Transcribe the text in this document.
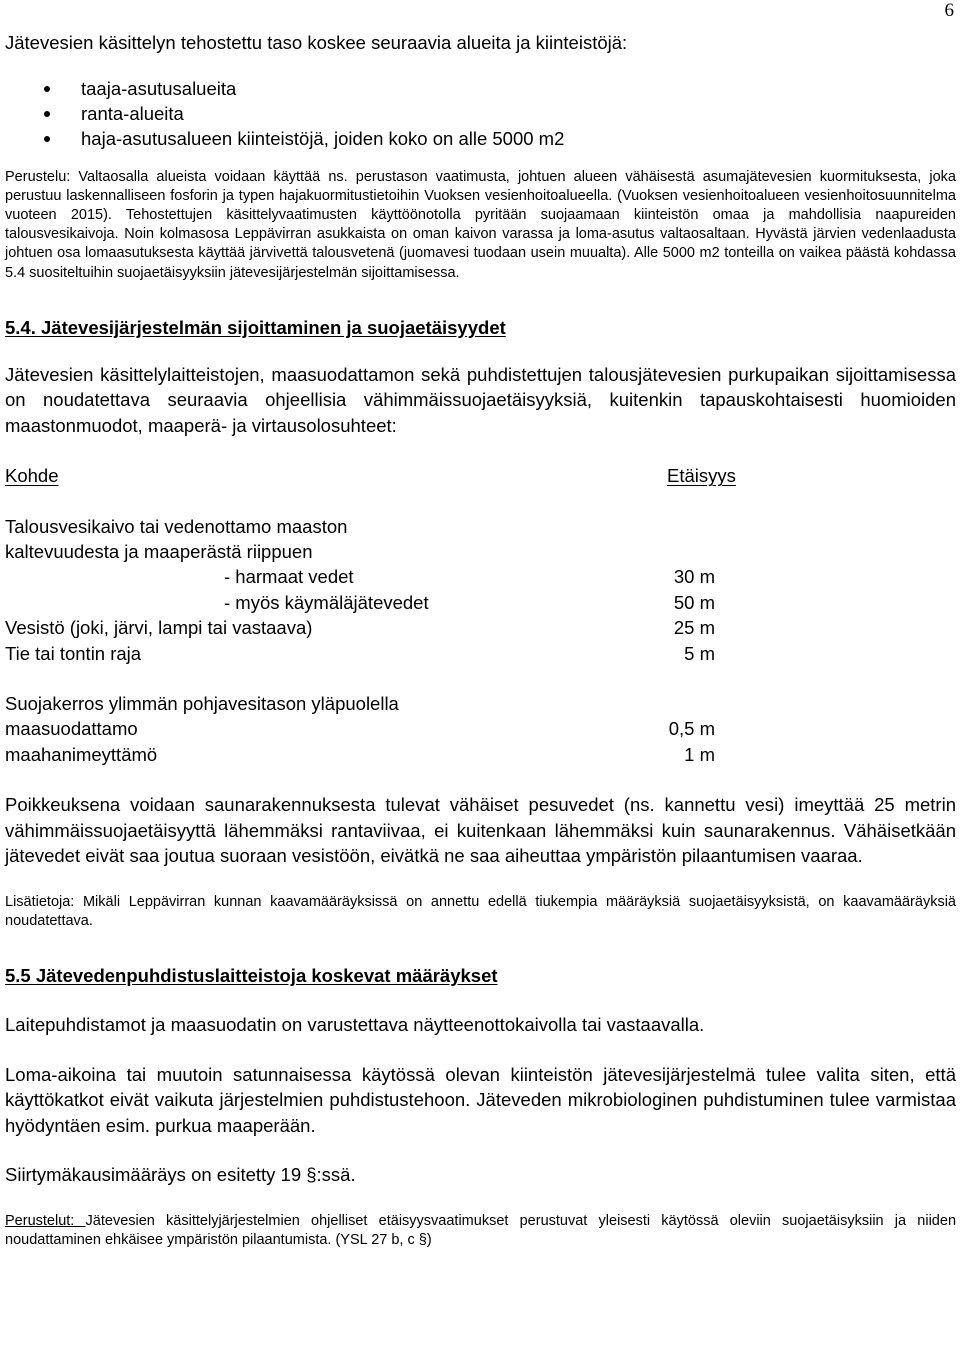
6

Jätevesien käsittelyn tehostettu taso koskee seuraavia alueita ja kiinteistöjä:

taaja-asutusalueita
ranta-alueita
haja-asutusalueen kiinteistöjä, joiden koko on alle 5000 m2

Perustelu: Valtaosalla alueista voidaan käyttää ns. perustason vaatimusta, johtuen alueen vähäisestä asumajätevesien kuormituksesta, joka perustuu laskennalliseen fosforin ja typen hajakuormitustietoihin Vuoksen vesienhoitoalueella. (Vuoksen vesienhoitoalueen vesienhoitosuunnitelma vuoteen 2015). Tehostettujen käsittelyvaatimusten käyttöönotolla pyritään suojaamaan kiinteistön omaa ja mahdollisia naapureiden talousvesikaivoja. Noin kolmasosa Leppävirran asukkaista on oman kaivon varassa ja loma-asutus valtaosaltaan. Hyvästä järvien vedenlaadusta johtuen osa lomaasutuksesta käyttää järvivettä talousvetenä (juomavesi tuodaan usein muualta). Alle 5000 m2 tonteilla on vaikea päästä kohdassa 5.4 suositeltuihin suojaetäisyyksiin jätevesijärjestelmän sijoittamisessa.

5.4. Jätevesijärjestelmän sijoittaminen ja suojaetäisyydet

Jätevesien käsittelylaitteistojen, maasuodattamon sekä puhdistettujen talousjätevesien purkupaikan sijoittamisessa on noudatettava seuraavia ohjeellisia vähimmäissuojaetäisyyksiä, kuitenkin tapauskohtaisesti huomioiden maastonmuodot, maaperä- ja virtausolosuhteet:

Kohde	Etäisyys
Talousvesikaivo tai vedenottamo maaston
kaltevuudesta ja maaperästä riippuen
- harmaat vedet	30 m
- myös käymäläjätevedet	50 m
Vesistö (joki, järvi, lampi tai vastaava)	25 m
Tie tai tontin raja	5 m
Suojakerros ylimmän pohjavesitason yläpuolella
maasuodattamo	0,5 m
maahanimeyttämö	1 m

Poikkeuksena voidaan saunarakennuksesta tulevat vähäiset pesuvedet (ns. kannettu vesi) imeyttää 25 metrin vähimmäissuojaetäisyyttä lähemmäksi rantaviivaa, ei kuitenkaan lähemmäksi kuin saunarakennus. Vähäisetkään jätevedet eivät saa joutua suoraan vesistöön, eivätkä ne saa aiheuttaa ympäristön pilaantumisen vaaraa.

Lisätietoja: Mikäli Leppävirran kunnan kaavamääräyksissä on annettu edellä tiukempia määräyksiä suojaetäisyyksistä, on kaavamääräyksiä noudatettava.

5.5 Jätevedenpuhdistuslaitteistoja koskevat määräykset

Laitepuhdistamot ja maasuodatin on varustettava näytteenottokaivolla tai vastaavalla.

Loma-aikoina tai muutoin satunnaisessa käytössä olevan kiinteistön jätevesijärjestelmä tulee valita siten, että käyttökatkot eivät vaikuta järjestelmien puhdistustehoon. Jäteveden mikrobiologinen puhdistuminen tulee varmistaa hyödyntäen esim. purkua maaperään.

Siirtymäkausimääräys on esitetty 19 §:ssä.

Perustelut: Jätevesien käsittelyjärjestelmien ohjelliset etäisyysvaatimukset perustuvat yleisesti käytössä oleviin suojaetäisyksiin ja niiden noudattaminen ehkäisee ympäristön pilaantumista. (YSL 27 b, c §)
